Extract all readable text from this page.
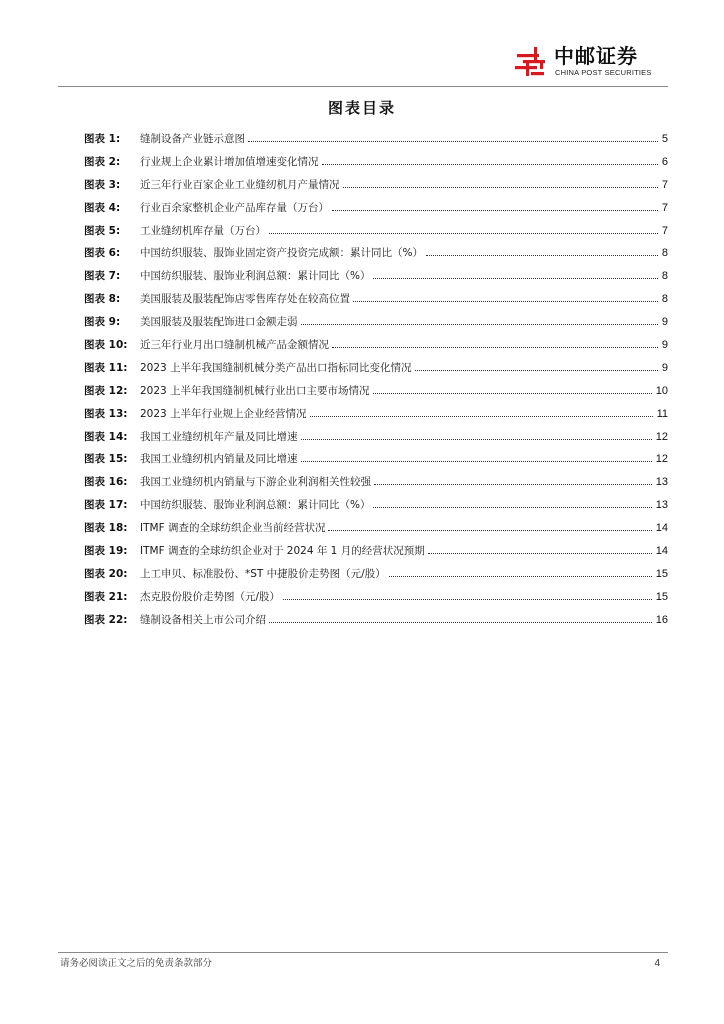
中邮证券
CHINA POST SECURITIES
图表目录
图表 1:	缝制设备产业链示意图	5
图表 2:	行业规上企业累计增加值增速变化情况	6
图表 3:	近三年行业百家企业工业缝纫机月产量情况	7
图表 4:	行业百余家整机企业产品库存量（万台）	7
图表 5:	工业缝纫机库存量（万台）	7
图表 6:	中国纺织服装、服饰业固定资产投资完成额：累计同比（%）	8
图表 7:	中国纺织服装、服饰业利润总额：累计同比（%）	8
图表 8:	美国服装及服装配饰店零售库存处在较高位置	8
图表 9:	美国服装及服装配饰进口金额走弱	9
图表 10:	近三年行业月出口缝制机械产品金额情况	9
图表 11:	2023 上半年我国缝制机械分类产品出口指标同比变化情况	9
图表 12:	2023 上半年我国缝制机械行业出口主要市场情况	10
图表 13:	2023 上半年行业规上企业经营情况	11
图表 14:	我国工业缝纫机年产量及同比增速	12
图表 15:	我国工业缝纫机内销量及同比增速	12
图表 16:	我国工业缝纫机内销量与下游企业利润相关性较强	13
图表 17:	中国纺织服装、服饰业利润总额：累计同比（%）	13
图表 18:	ITMF 调查的全球纺织企业当前经营状况	14
图表 19:	ITMF 调查的全球纺织企业对于 2024 年 1 月的经营状况预期	14
图表 20:	上工申贝、标准股份、*ST 中捷股价走势图（元/股）	15
图表 21:	杰克股份股价走势图（元/股）	15
图表 22:	缝制设备相关上市公司介绍	16
请务必阅读正文之后的免责条款部分	4
